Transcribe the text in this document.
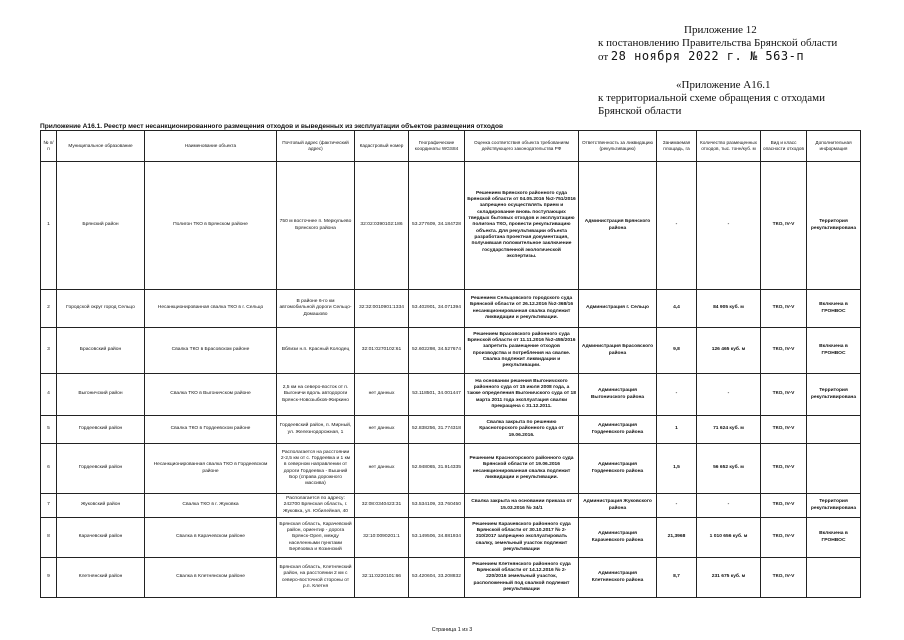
Приложение 12
к постановлению Правительства Брянской области
от 28 ноября 2022 г. № 563-п
«Приложение А16.1
к территориальной схеме обращения с отходами
Брянской области
Приложение А16.1. Реестр мест несанкционированного размещения отходов и выведенных из эксплуатации объектов размещения отходов
№ п/п	Муниципальное образование	Наименование объекта	Почтовый адрес (фактический адрес)	Кадастровый номер	Географические координаты WGS84	Оценка соответствия объекта требованиям действующего законодательства РФ	Ответственность за ликвидацию (рекультивацию)	Занимаемая площадь, га	Количество размещенных отходов, тыс. тонн/куб. м	Вид и класс опасности отходов	Дополнительная информация
1	Брянский район	Полигон ТКО в Брянском районе	750 м восточнее п. Меркульево Брянского района	32:02:0390102:186	53.277609, 34.184728	Решением Брянского районного суда Брянской области от 04.05.2016 №2-751/2016 запрещено осуществлять прием и складирование вновь поступающих твердых бытовых отходов и эксплуатацию полигона ТКО, провести рекультивацию объекта. Для рекультивации объекта разработана проектная документация, получившая положительное заключение государственной экологической экспертизы.	Администрация Брянского района	-	-	ТКО, IV-V	Территория рекультивирована
2	Городской округ город Сельцо	Несанкционированная свалка ТКО в г. Сельцо	В районе 6-го км автомобильной дороги Сельцо-Домашово	32:32:0010901:1334	53.402901, 34.071394	Решением Сельцовского городского суда Брянской области от 26.12.2016 №2-368/16 несанкционированная свалка подлежит ликвидации и рекультивации.	Администрация г. Сельцо	4,4	84 905 куб. м	ТКО, IV-V	Включена в ГРОНВОС
3	Брасовский район	Свалка ТКО в Брасовском районе	Вблизи н.п. Красный Колодец	32:01:0270102:61	52.602298, 34.527674	Решением Брасовского районного суда Брянской области от 11.11.2016 №2-455/2016 запретить размещение отходов производства и потребления на свалке. Свалка подлежит ликвидации и рекультивации.	Администрация Брасовского района	9,8	126 465 куб. м	ТКО, IV-V	Включена в ГРОНВОС
4	Выгоничский район	Свалка ТКО в Выгоничском районе	2,5 км на северо-восток от п. Выгоничи вдоль автодороги Брянск-Новозыбков-Жиркино	нет данных	53.118501, 34.001447	На основании решения Выгоничского районного суда от 15 июля 2008 года, а также определения Выгоничского суда от 18 марта 2011 года эксплуатация свалки прекращена с 31.12.2011.	Администрация Выгоничского района	-	-	ТКО, IV-V	Территория рекультивирована
5	Гордеевский район	Свалка ТКО в Гордеевском районе	Гордеевский район, п. Мирный, ул. Железнодорожная, 1	нет данных	52.838256, 31.774318	Свалка закрыта по решению Красногорского районного суда от 19.06.2016.	Администрация Гордеевского района	1	71 624 куб. м	ТКО, IV-V	
6	Гордеевский район	Несанкционированная свалка ТКО в Гордеевском районе	Располагается на расстоянии 2-2,5 км от с. Гордеевка и 1 км в северном направлении от дороги Гордеевка - Вышний Бор (справа дорожного массива)	нет данных	52.948065, 31.914335	Решением Красногорского районного суда Брянской области от 19.06.2016 несанкционированная свалка подлежит ликвидации и рекультивации.	Администрация Гордеевского района	1,5	56 652 куб. м	ТКО, IV-V	
7	Жуковский район	Свалка ТКО в г. Жуковка	Располагается по адресу: 242700 Брянская область, г. Жуковка, ул. Юбилейная, 40	32:08:0340423:31	53.534109, 33.760450	Свалка закрыта на основании приказа от 15.03.2016 № 34/1	Администрация Жуковского района	-	-	ТКО, IV-V	Территория рекультивирована
8	Карачевский район	Свалка в Карачевском районе	Брянская область, Карачевский район, ориентир - дорога Брянск-Орел, между населенными пунктами Берёзовка и Козинский	32:10:0090201:1	53.149506, 34.881934	Решением Карачевского районного суда Брянской области от 30.10.2017 № 2-310/2017 запрещено эксплуатировать свалку, земельный участок подлежит рекультивации	Администрация Карачевского района	21,3968	1 010 656 куб. м	ТКО, IV-V	Включена в ГРОНВОС
9	Клетнянский район	Свалка в Клетнянском районе	Брянская область, Клетнянский район, на расстоянии 2 км с северо-восточной стороны от р.п. Клетня	32:11:0220101:66	53.420604, 33.208832	Решением Клетнянского районного суда Брянской области от 14.12.2016 № 2-220/2016 земельный участок, расположенный под свалкой подлежит рекультивации	Администрация Клетнянского района	8,7	231 675 куб. м	ТКО, IV-V	
Страница 1 из 3
